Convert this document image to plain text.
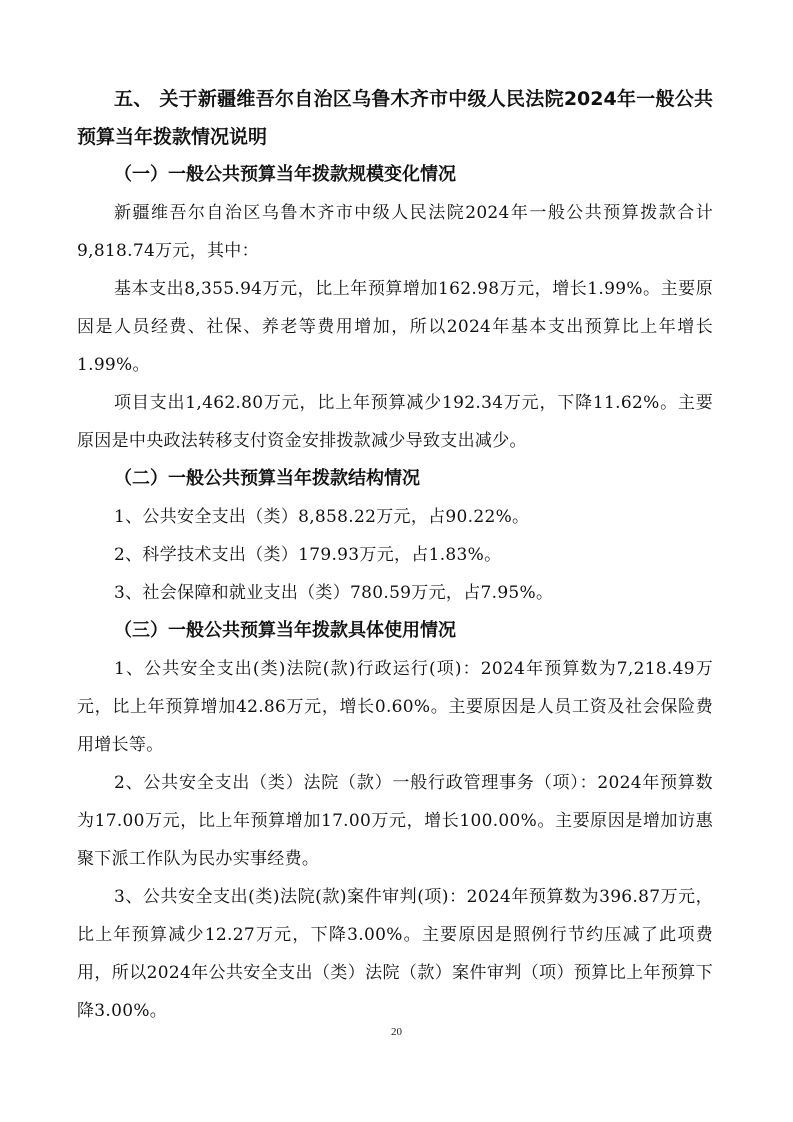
五、 关于新疆维吾尔自治区乌鲁木齐市中级人民法院2024年一般公共预算当年拨款情况说明

（一）一般公共预算当年拨款规模变化情况

新疆维吾尔自治区乌鲁木齐市中级人民法院2024年一般公共预算拨款合计9,818.74万元，其中：

基本支出8,355.94万元，比上年预算增加162.98万元，增长1.99%。主要原因是人员经费、社保、养老等费用增加，所以2024年基本支出预算比上年增长1.99%。

项目支出1,462.80万元，比上年预算减少192.34万元，下降11.62%。主要原因是中央政法转移支付资金安排拨款减少导致支出减少。

（二）一般公共预算当年拨款结构情况

1、公共安全支出（类）8,858.22万元，占90.22%。

2、科学技术支出（类）179.93万元，占1.83%。

3、社会保障和就业支出（类）780.59万元，占7.95%。

（三）一般公共预算当年拨款具体使用情况

1、公共安全支出(类)法院(款)行政运行(项)：2024年预算数为7,218.49万元，比上年预算增加42.86万元，增长0.60%。主要原因是人员工资及社会保险费用增长等。

2、公共安全支出（类）法院（款）一般行政管理事务（项）：2024年预算数为17.00万元，比上年预算增加17.00万元，增长100.00%。主要原因是增加访惠聚下派工作队为民办实事经费。

3、公共安全支出(类)法院(款)案件审判(项)：2024年预算数为396.87万元，比上年预算减少12.27万元，下降3.00%。主要原因是照例行节约压减了此项费用，所以2024年公共安全支出（类）法院（款）案件审判（项）预算比上年预算下降3.00%。

20
